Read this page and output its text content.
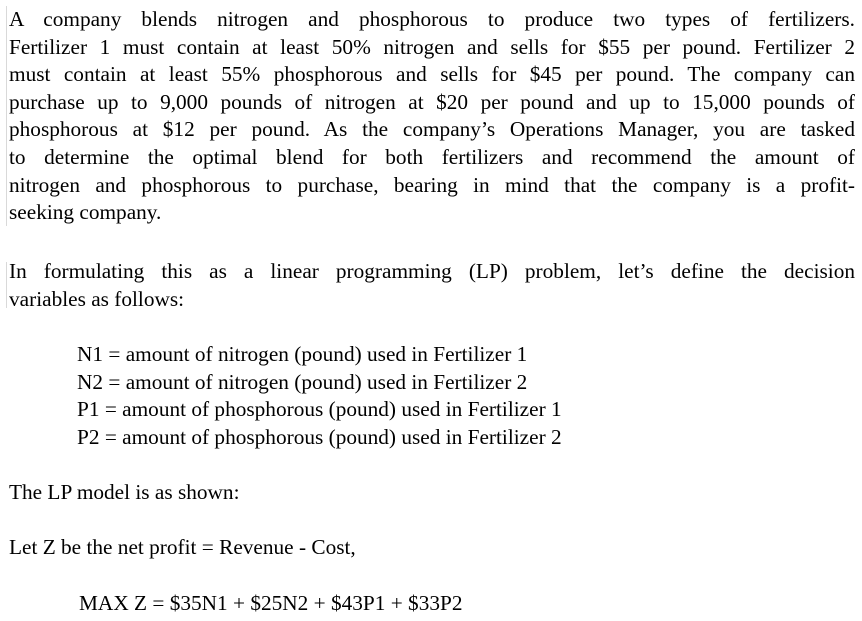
A company blends nitrogen and phosphorous to produce two types of fertilizers.
Fertilizer 1 must contain at least 50% nitrogen and sells for $55 per pound. Fertilizer 2
must contain at least 55% phosphorous and sells for $45 per pound. The company can
purchase up to 9,000 pounds of nitrogen at $20 per pound and up to 15,000 pounds of
phosphorous at $12 per pound. As the company’s Operations Manager, you are tasked
to determine the optimal blend for both fertilizers and recommend the amount of
nitrogen and phosphorous to purchase, bearing in mind that the company is a profit-
seeking company.
In formulating this as a linear programming (LP) problem, let’s define the decision
variables as follows:
N1 = amount of nitrogen (pound) used in Fertilizer 1
N2 = amount of nitrogen (pound) used in Fertilizer 2
P1 = amount of phosphorous (pound) used in Fertilizer 1
P2 = amount of phosphorous (pound) used in Fertilizer 2
The LP model is as shown:
Let Z be the net profit = Revenue - Cost,
MAX Z = $35N1 + $25N2 + $43P1 + $33P2
